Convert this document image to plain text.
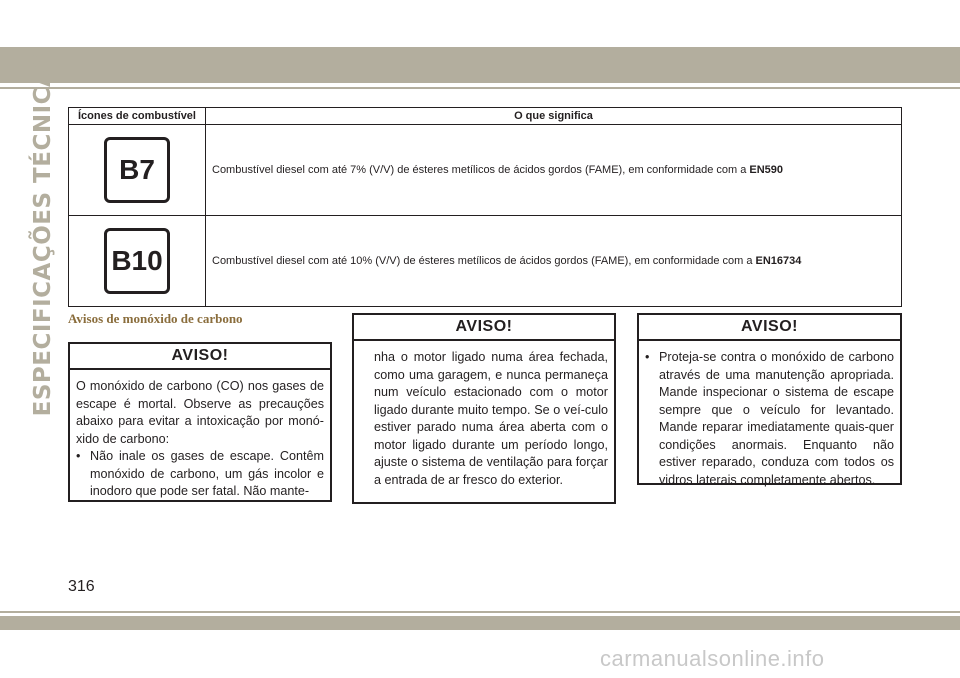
ESPECIFICAÇÕES TÉCNICAS Ícones de combustível	O que significa
B7	Combustível diesel com até 7% (V/V) de ésteres metílicos de ácidos gordos (FAME), em conformidade com a EN590
B10	Combustível diesel com até 10% (V/V) de ésteres metílicos de ácidos gordos (FAME), em conformidade com a EN16734
Avisos de monóxido de carbono
AVISO!
O monóxido de carbono (CO) nos gases de escape é mortal. Observe as precauções abaixo para evitar a intoxicação por monó-xido de carbono:
• Não inale os gases de escape. Contêm monóxido de carbono, um gás incolor e inodoro que pode ser fatal. Não mante-
AVISO!
nha o motor ligado numa área fechada, como uma garagem, e nunca permaneça num veículo estacionado com o motor ligado durante muito tempo. Se o veí-culo estiver parado numa área aberta com o motor ligado durante um período longo, ajuste o sistema de ventilação para forçar a entrada de ar fresco do exterior.
AVISO!
• Proteja-se contra o monóxido de carbono através de uma manutenção apropriada. Mande inspecionar o sistema de escape sempre que o veículo for levantado. Mande reparar imediatamente quais-quer condições anormais. Enquanto não estiver reparado, conduza com todos os vidros laterais completamente abertos.
316
carmanualsonline.info
